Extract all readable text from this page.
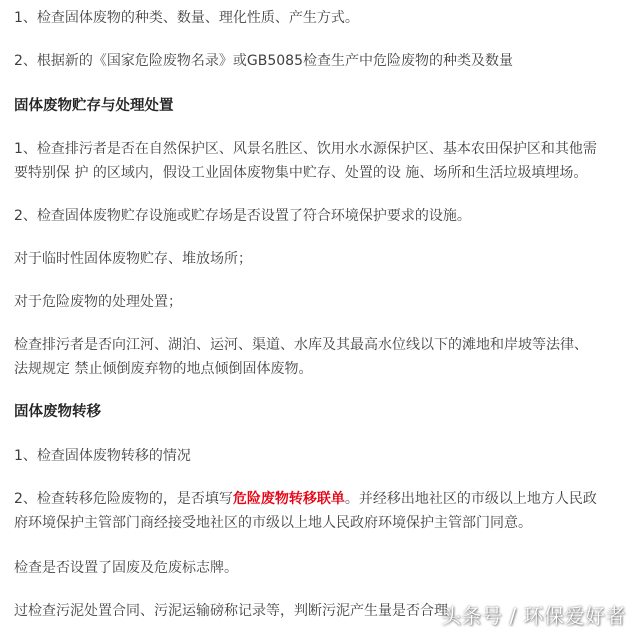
1、检查固体废物的种类、数量、理化性质、产生方式。
2、根据新的《国家危险废物名录》或GB5085检查生产中危险废物的种类及数量
固体废物贮存与处理处置
1、检查排污者是否在自然保护区、风景名胜区、饮用水水源保护区、基本农田保护区和其他需
要特别保 护 的区域内，假设工业固体废物集中贮存、处置的设 施、场所和生活垃圾填埋场。
2、检查固体废物贮存设施或贮存场是否设置了符合环境保护要求的设施。
对于临时性固体废物贮存、堆放场所；
对于危险废物的处理处置；
检查排污者是否向江河、湖泊、运河、渠道、水库及其最高水位线以下的滩地和岸坡等法律、
法规规定 禁止倾倒废弃物的地点倾倒固体废物。
固体废物转移
1、检查固体废物转移的情况
2、检查转移危险废物的，是否填写危险废物转移联单。并经移出地社区的市级以上地方人民政
府环境保护主管部门商经接受地社区的市级以上地人民政府环境保护主管部门同意。
检查是否设置了固废及危废标志牌。
过检查污泥处置合同、污泥运输磅称记录等，判断污泥产生量是否合理
头条号 / 环保爱好者
